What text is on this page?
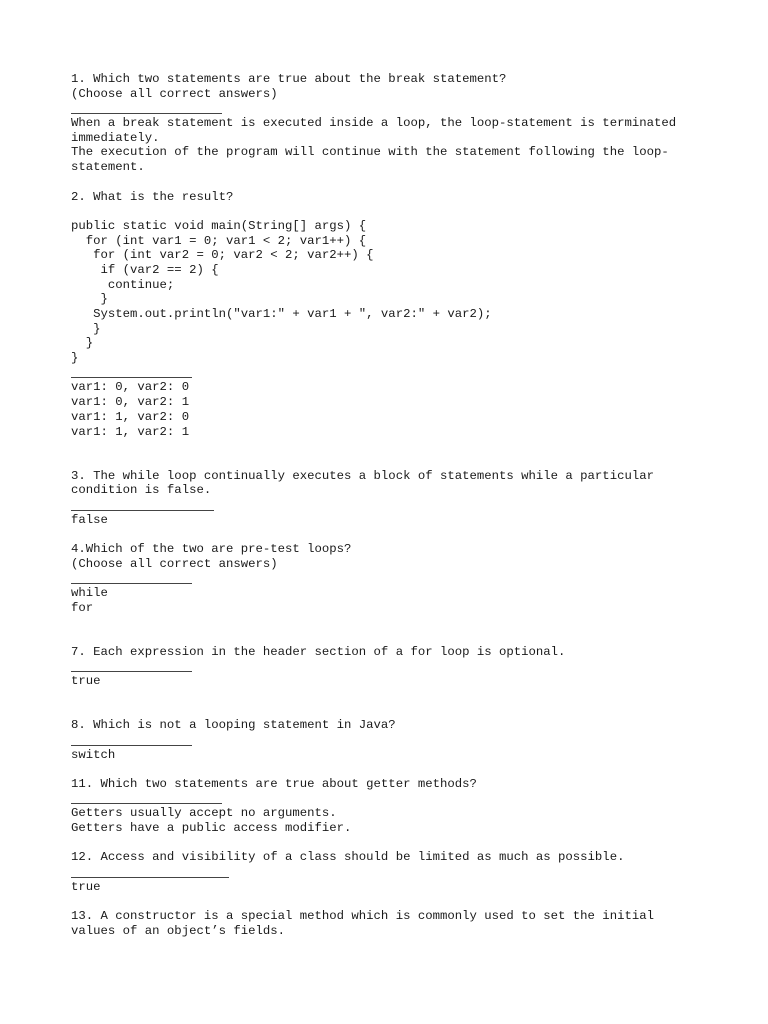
1. Which two statements are true about the break statement?
(Choose all correct answers)
When a break statement is executed inside a loop, the loop-statement is terminated
immediately.
The execution of the program will continue with the statement following the loop-
statement.
2. What is the result?
public static void main(String[] args) {
for (int var1 = 0; var1 < 2; var1++) {
for (int var2 = 0; var2 < 2; var2++) {
if (var2 == 2) {
continue;
}
System.out.println("var1:" + var1 + ", var2:" + var2);
}
}
}
var1: 0, var2: 0
var1: 0, var2: 1
var1: 1, var2: 0
var1: 1, var2: 1
3. The while loop continually executes a block of statements while a particular
condition is false.
false
4.Which of the two are pre-test loops?
(Choose all correct answers)
while
for
7. Each expression in the header section of a for loop is optional.
true
8. Which is not a looping statement in Java?
switch
11. Which two statements are true about getter methods?
Getters usually accept no arguments.
Getters have a public access modifier.
12. Access and visibility of a class should be limited as much as possible.
true
13. A constructor is a special method which is commonly used to set the initial
values of an object’s fields.
